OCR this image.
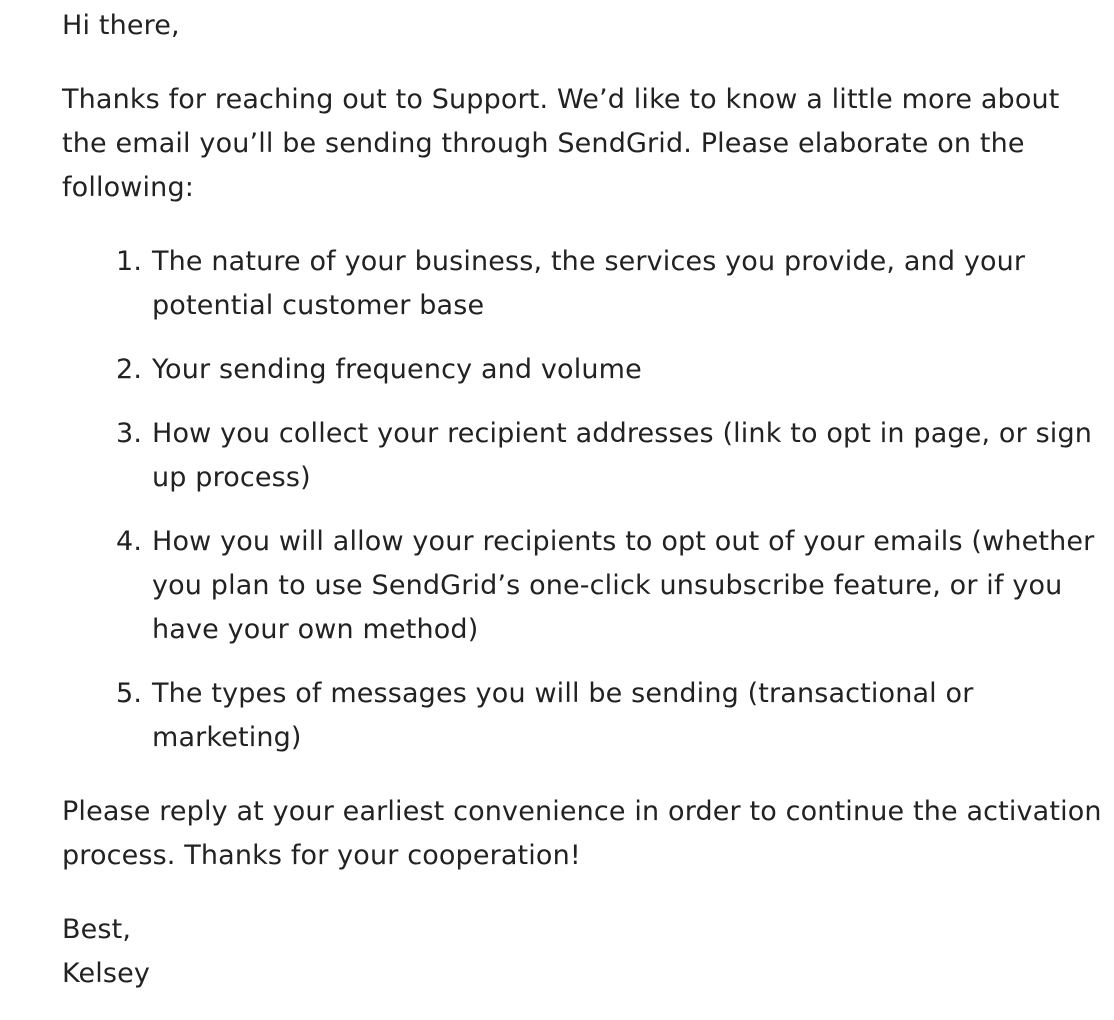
Hi there,

Thanks for reaching out to Support. We’d like to know a little more about the email you’ll be sending through SendGrid. Please elaborate on the following:

1. The nature of your business, the services you provide, and your potential customer base
2. Your sending frequency and volume
3. How you collect your recipient addresses (link to opt in page, or sign up process)
4. How you will allow your recipients to opt out of your emails (whether you plan to use SendGrid’s one-click unsubscribe feature, or if you have your own method)
5. The types of messages you will be sending (transactional or marketing)

Please reply at your earliest convenience in order to continue the activation process. Thanks for your cooperation!

Best,

Kelsey
